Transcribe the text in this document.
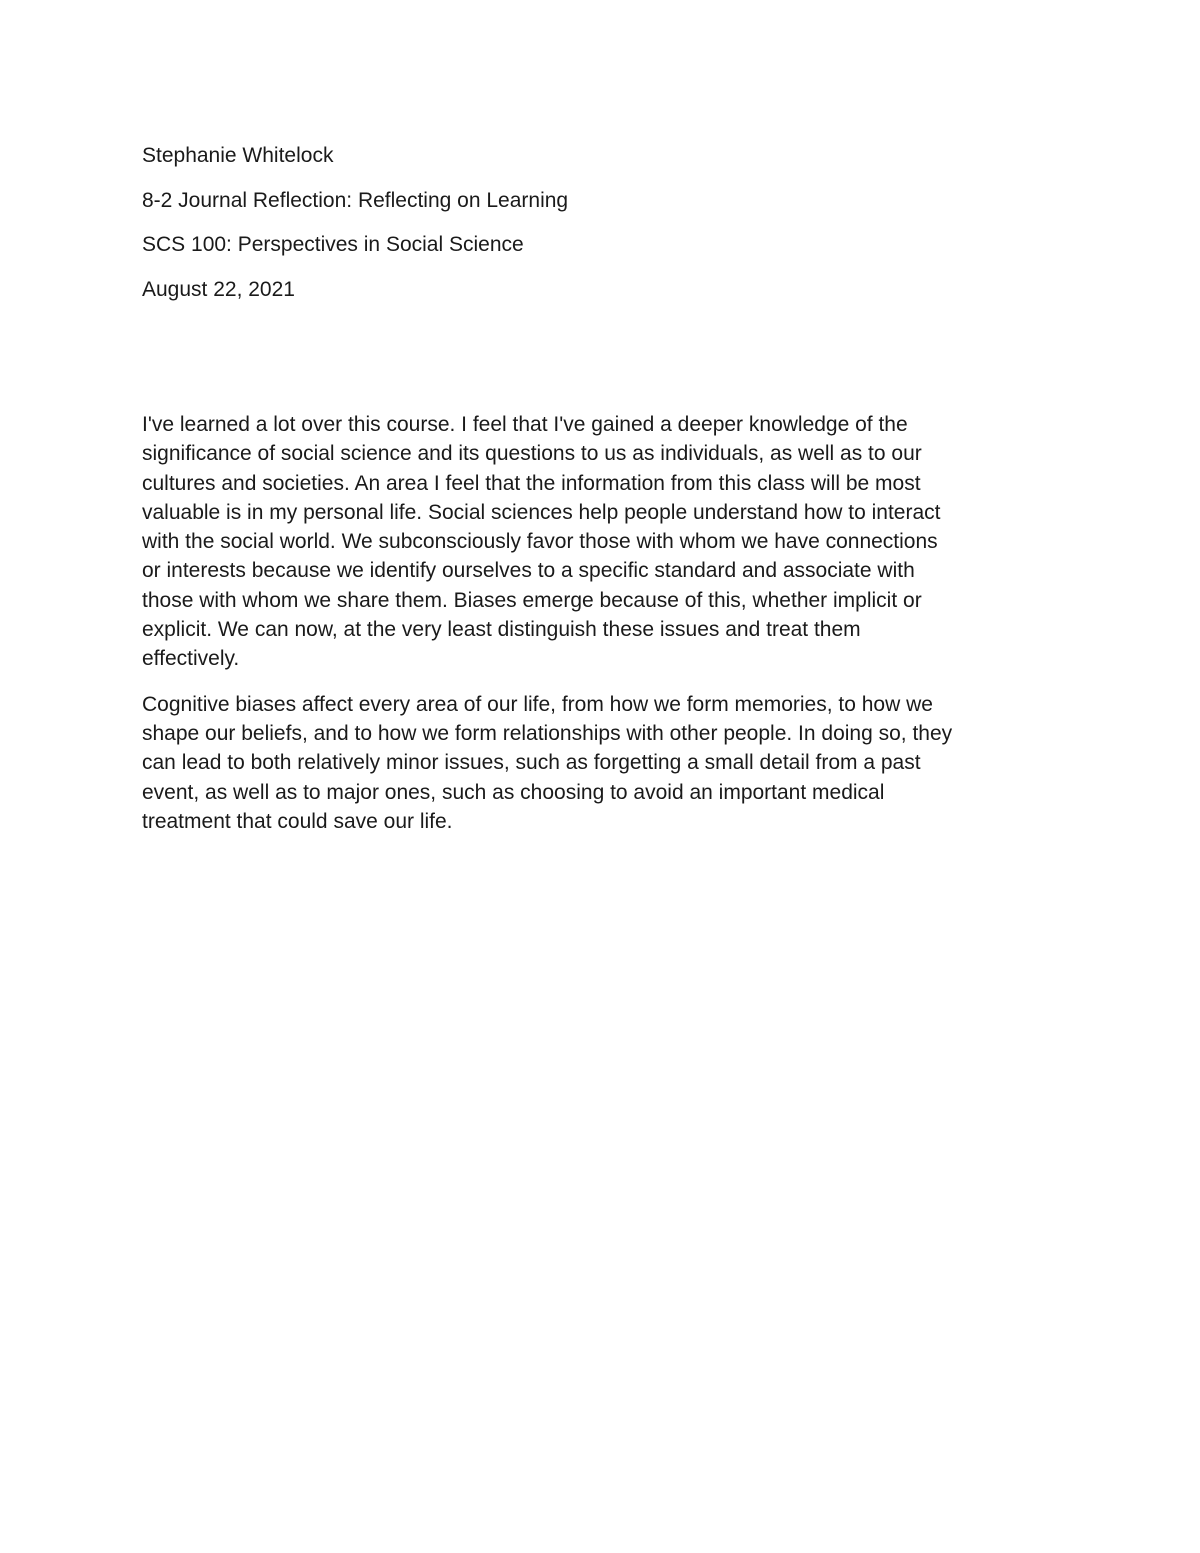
Stephanie Whitelock
8-2 Journal Reflection: Reflecting on Learning
SCS 100: Perspectives in Social Science
August 22, 2021
I've learned a lot over this course. I feel that I've gained a deeper knowledge of the
significance of social science and its questions to us as individuals, as well as to our
cultures and societies. An area I feel that the information from this class will be most
valuable is in my personal life. Social sciences help people understand how to interact
with the social world. We subconsciously favor those with whom we have connections
or interests because we identify ourselves to a specific standard and associate with
those with whom we share them. Biases emerge because of this, whether implicit or
explicit. We can now, at the very least distinguish these issues and treat them
effectively.
Cognitive biases affect every area of our life, from how we form memories, to how we
shape our beliefs, and to how we form relationships with other people. In doing so, they
can lead to both relatively minor issues, such as forgetting a small detail from a past
event, as well as to major ones, such as choosing to avoid an important medical
treatment that could save our life.
